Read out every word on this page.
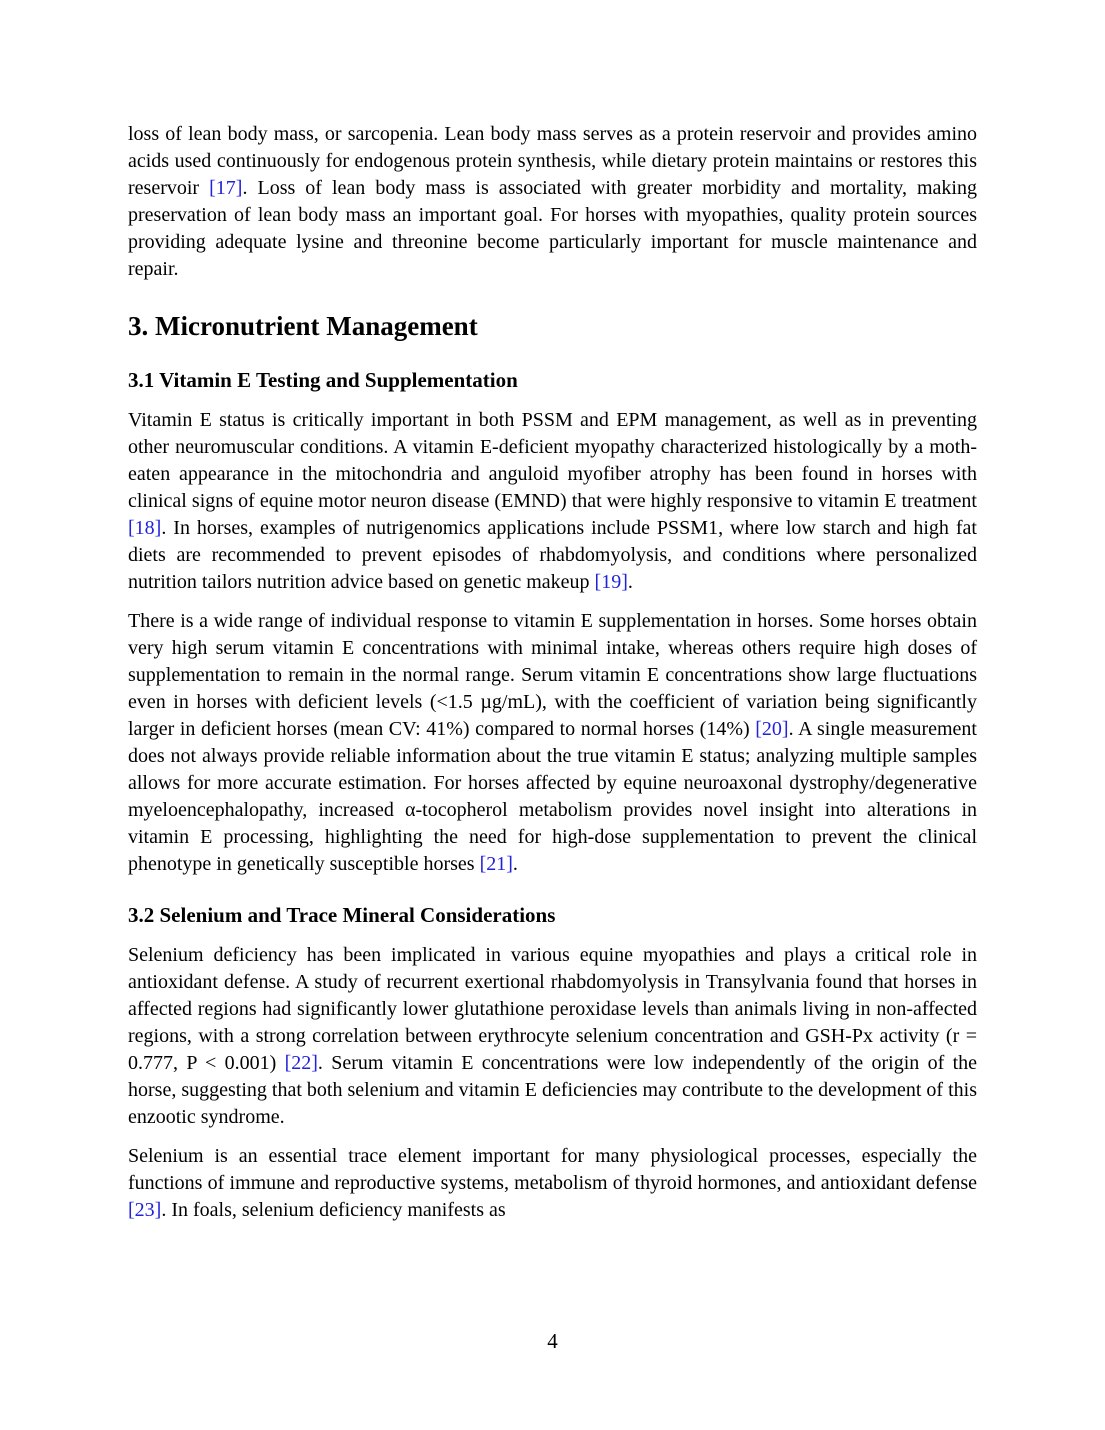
loss of lean body mass, or sarcopenia. Lean body mass serves as a protein reservoir and provides amino acids used continuously for endogenous protein synthesis, while dietary protein maintains or restores this reservoir [17]. Loss of lean body mass is associated with greater morbidity and mortality, making preservation of lean body mass an important goal. For horses with myopathies, quality protein sources providing adequate lysine and threonine become particularly important for muscle maintenance and repair.

3. Micronutrient Management
3.1 Vitamin E Testing and Supplementation

Vitamin E status is critically important in both PSSM and EPM management, as well as in preventing other neuromuscular conditions. A vitamin E-deficient myopathy characterized histologically by a moth-eaten appearance in the mitochondria and anguloid myofiber atrophy has been found in horses with clinical signs of equine motor neuron disease (EMND) that were highly responsive to vitamin E treatment [18]. In horses, examples of nutrigenomics applications include PSSM1, where low starch and high fat diets are recommended to prevent episodes of rhabdomyolysis, and conditions where personalized nutrition tailors nutrition advice based on genetic makeup [19].

There is a wide range of individual response to vitamin E supplementation in horses. Some horses obtain very high serum vitamin E concentrations with minimal intake, whereas others require high doses of supplementation to remain in the normal range. Serum vitamin E concentrations show large fluctuations even in horses with deficient levels (<1.5 µg/mL), with the coefficient of variation being significantly larger in deficient horses (mean CV: 41%) compared to normal horses (14%) [20]. A single measurement does not always provide reliable information about the true vitamin E status; analyzing multiple samples allows for more accurate estimation. For horses affected by equine neuroaxonal dystrophy/degenerative myeloencephalopathy, increased α-tocopherol metabolism provides novel insight into alterations in vitamin E processing, highlighting the need for high-dose supplementation to prevent the clinical phenotype in genetically susceptible horses [21].

3.2 Selenium and Trace Mineral Considerations

Selenium deficiency has been implicated in various equine myopathies and plays a critical role in antioxidant defense. A study of recurrent exertional rhabdomyolysis in Transylvania found that horses in affected regions had significantly lower glutathione peroxidase levels than animals living in non-affected regions, with a strong correlation between erythrocyte selenium concentration and GSH-Px activity (r = 0.777, P < 0.001) [22]. Serum vitamin E concentrations were low independently of the origin of the horse, suggesting that both selenium and vitamin E deficiencies may contribute to the development of this enzootic syndrome.

Selenium is an essential trace element important for many physiological processes, especially the functions of immune and reproductive systems, metabolism of thyroid hormones, and antioxidant defense [23]. In foals, selenium deficiency manifests as

4
